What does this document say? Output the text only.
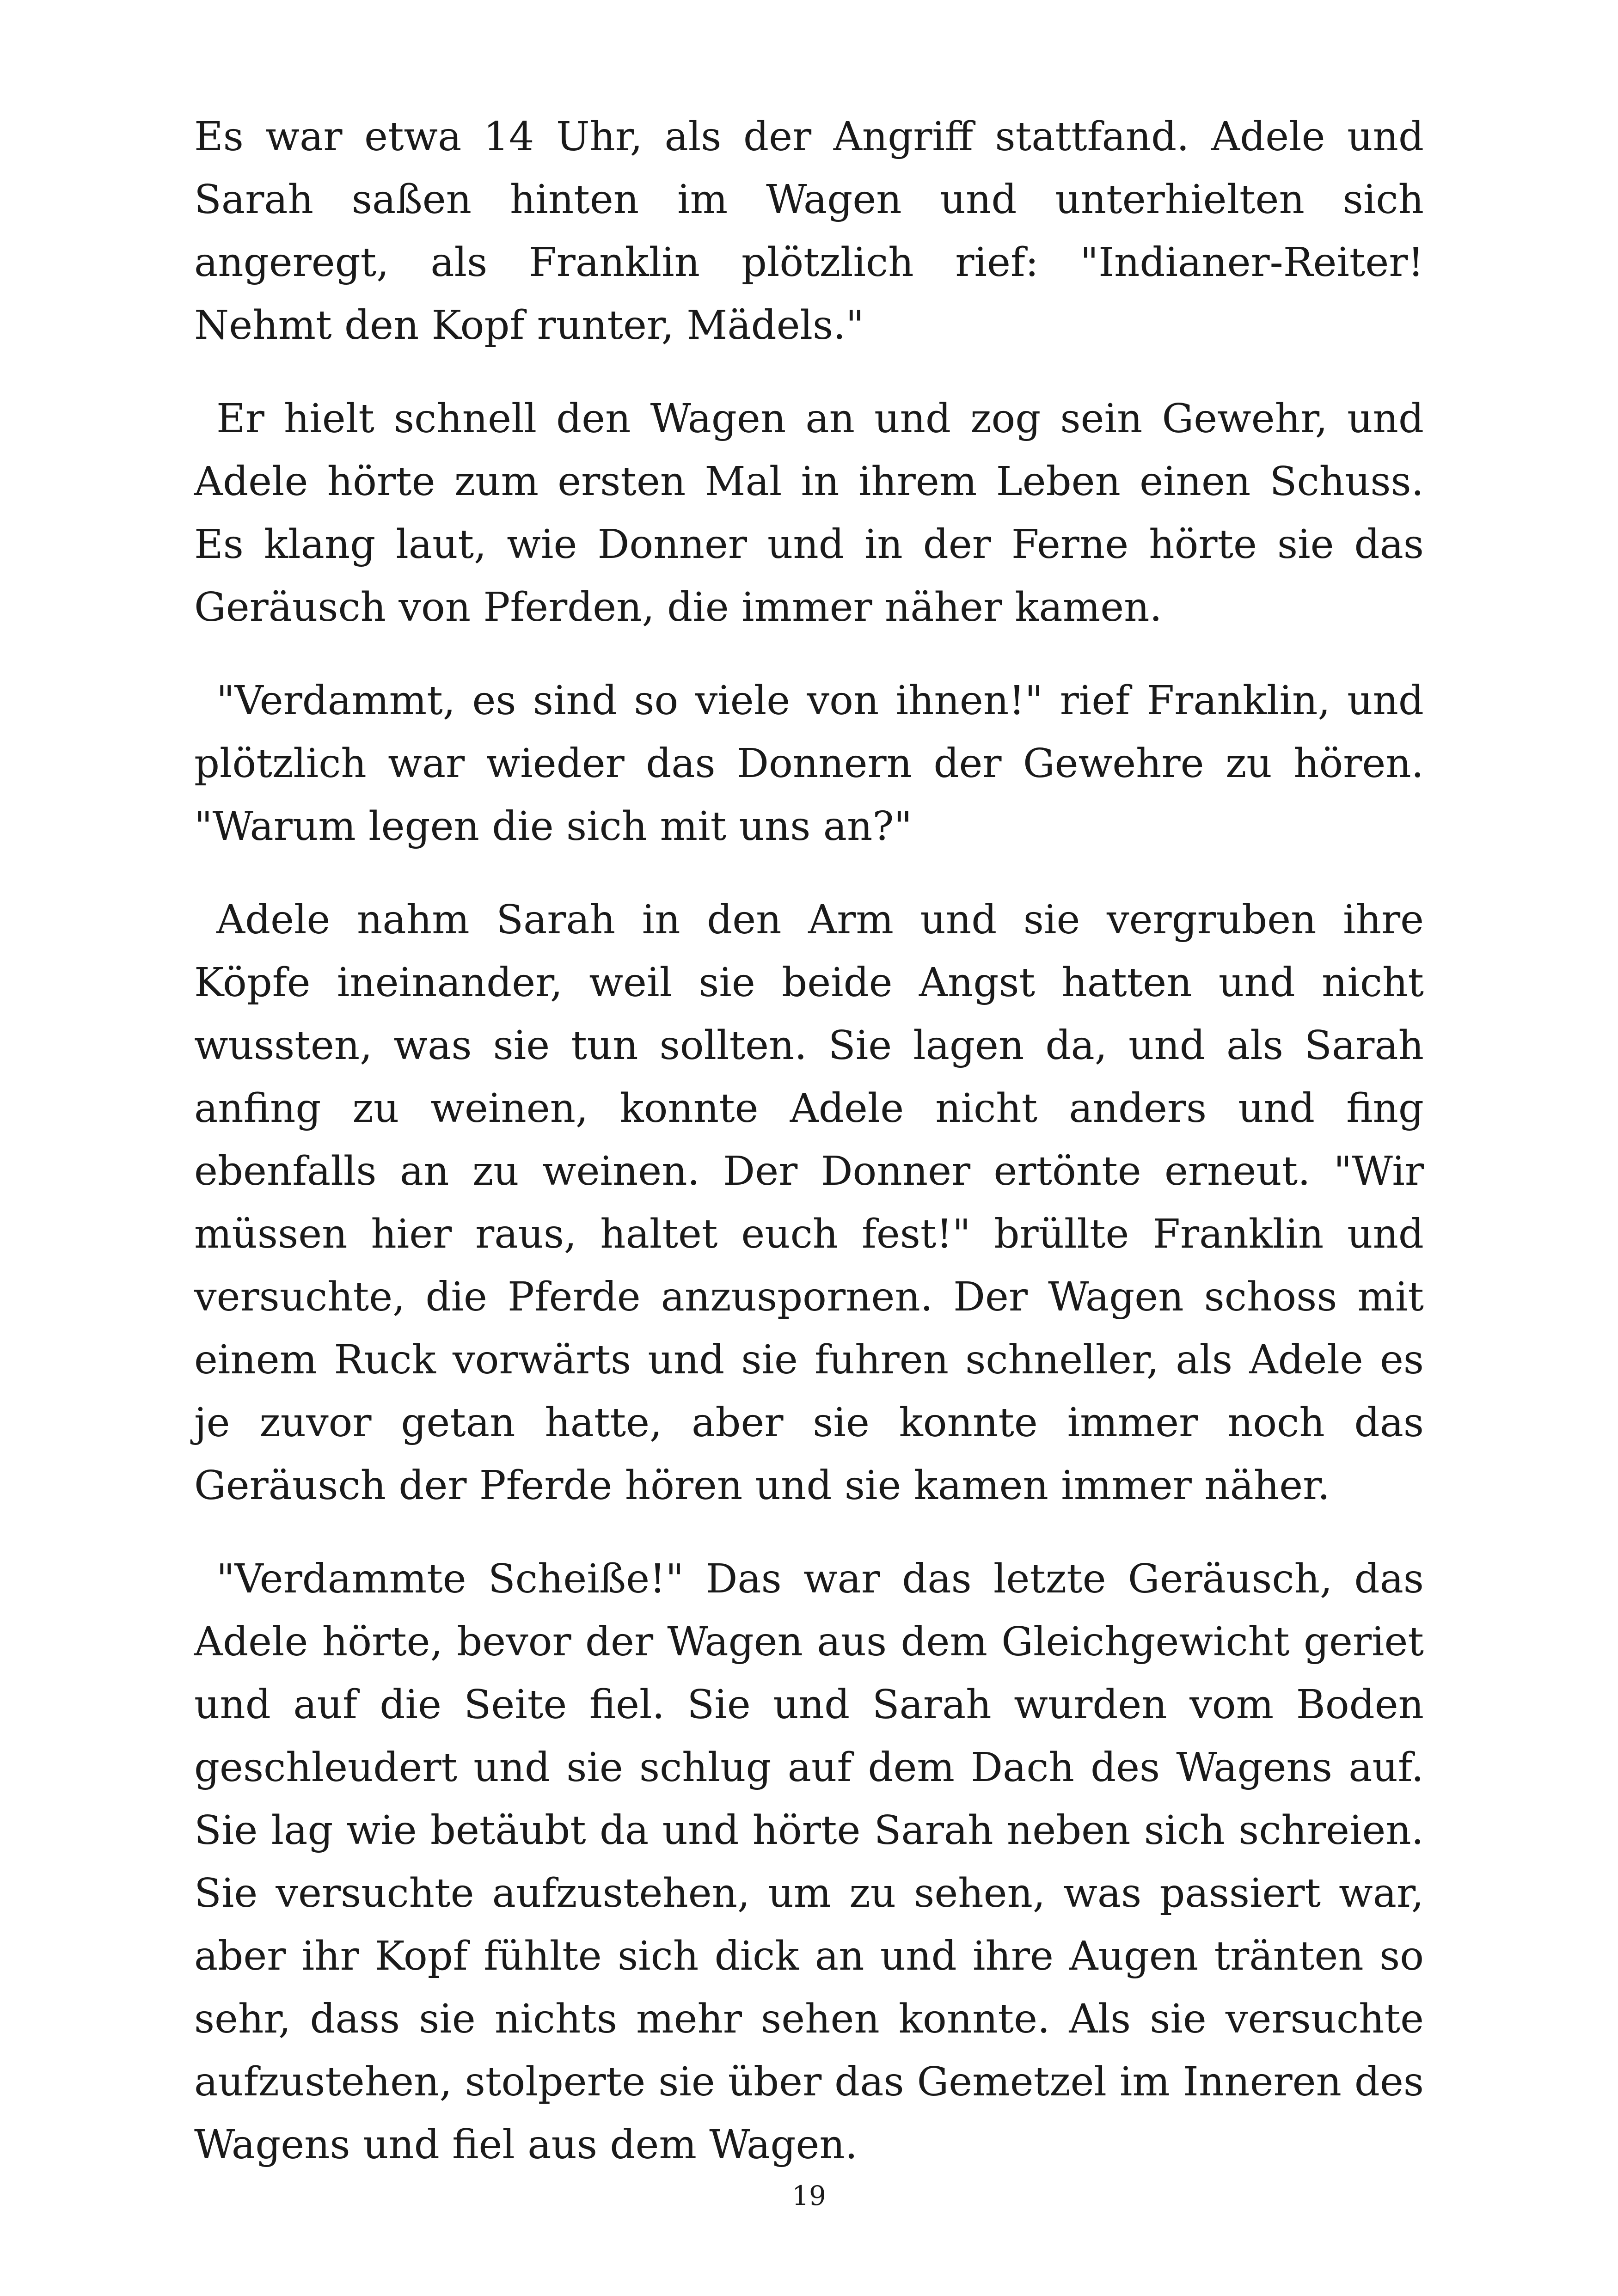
Es war etwa 14 Uhr, als der Angriff stattfand. Adele und Sarah saßen hinten im Wagen und unterhielten sich angeregt, als Franklin plötzlich rief: "Indianer-Reiter! Nehmt den Kopf runter, Mädels."

Er hielt schnell den Wagen an und zog sein Gewehr, und Adele hörte zum ersten Mal in ihrem Leben einen Schuss. Es klang laut, wie Donner und in der Ferne hörte sie das Geräusch von Pferden, die immer näher kamen.

"Verdammt, es sind so viele von ihnen!" rief Franklin, und plötzlich war wieder das Donnern der Gewehre zu hören. "Warum legen die sich mit uns an?"

Adele nahm Sarah in den Arm und sie vergruben ihre Köpfe ineinander, weil sie beide Angst hatten und nicht wussten, was sie tun sollten. Sie lagen da, und als Sarah anfing zu weinen, konnte Adele nicht anders und fing ebenfalls an zu weinen. Der Donner ertönte erneut. "Wir müssen hier raus, haltet euch fest!" brüllte Franklin und versuchte, die Pferde anzuspornen. Der Wagen schoss mit einem Ruck vorwärts und sie fuhren schneller, als Adele es je zuvor getan hatte, aber sie konnte immer noch das Geräusch der Pferde hören und sie kamen immer näher.

"Verdammte Scheiße!" Das war das letzte Geräusch, das Adele hörte, bevor der Wagen aus dem Gleichgewicht geriet und auf die Seite fiel. Sie und Sarah wurden vom Boden geschleudert und sie schlug auf dem Dach des Wagens auf. Sie lag wie betäubt da und hörte Sarah neben sich schreien. Sie versuchte aufzustehen, um zu sehen, was passiert war, aber ihr Kopf fühlte sich dick an und ihre Augen tränten so sehr, dass sie nichts mehr sehen konnte. Als sie versuchte aufzustehen, stolperte sie über das Gemetzel im Inneren des Wagens und fiel aus dem Wagen.

19
